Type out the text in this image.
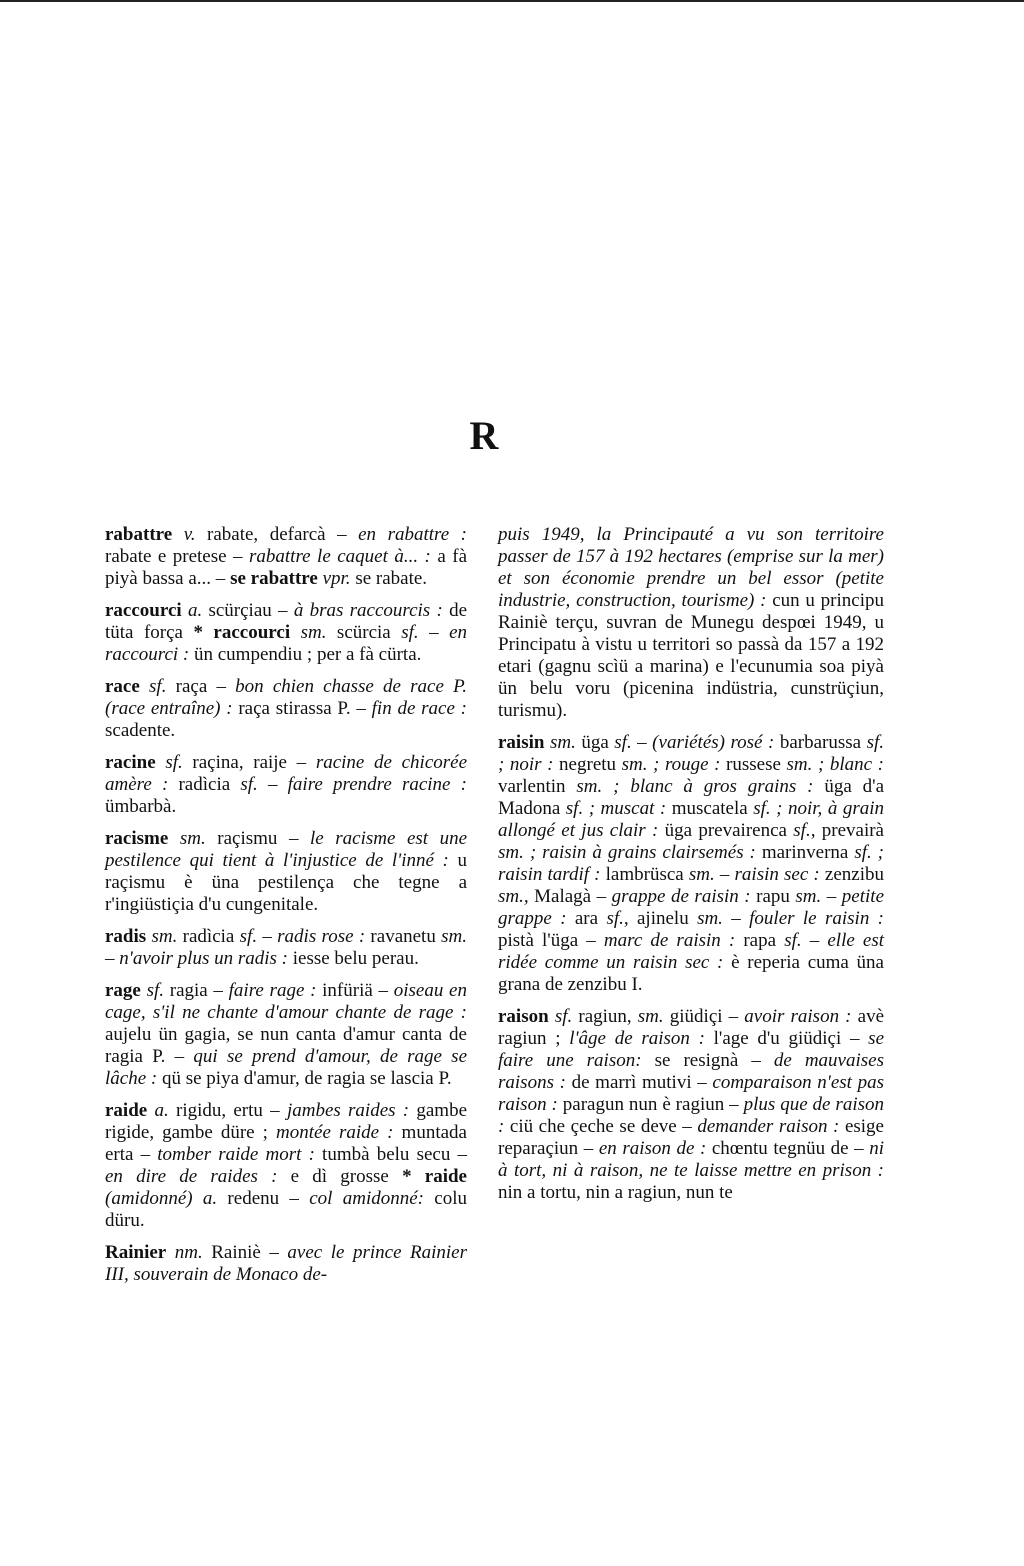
R

rabattre v. rabate, defarcà – en rabattre : rabate e pretese – rabattre le caquet à... : a fà piyà bassa a... – se rabattre vpr. se rabate.

raccourci a. scürçiau – à bras raccourcis : de tüta força * raccourci sm. scürcia sf. – en raccourci : ün cumpendiu ; per a fà cürta.

race sf. raça – bon chien chasse de race P. (race entraîne) : raça stirassa P. – fin de race : scadente.

racine sf. raçina, raije – racine de chicorée amère : radìcia sf. – faire prendre racine : ümbarbà.

racisme sm. raçismu – le racisme est une pestilence qui tient à l'injustice de l'inné : u raçismu è üna pestilença che tegne a r'ingiüstiçia d'u cungenitale.

radis sm. radìcia sf. – radis rose : ravanetu sm. – n'avoir plus un radis : iesse belu perau.

rage sf. ragia – faire rage : infüriä – oiseau en cage, s'il ne chante d'amour chante de rage : aujelu ün gagia, se nun canta d'amur canta de ragia P. – qui se prend d'amour, de rage se lâche : qü se piya d'amur, de ragia se lascia P.

raide a. rigidu, ertu – jambes raides : gambe rigide, gambe düre ; montée raide : muntada erta – tomber raide mort : tumbà belu secu – en dire de raides : e dì grosse * raide (amidonné) a. redenu – col amidonné: colu düru.

Rainier nm. Rainiè – avec le prince Rainier III, souverain de Monaco de-

puis 1949, la Principauté a vu son territoire passer de 157 à 192 hectares (emprise sur la mer) et son économie prendre un bel essor (petite industrie, construction, tourisme) : cun u principu Rainiè terçu, suvran de Munegu despœi 1949, u Principatu à vistu u territori so passà da 157 a 192 etari (gagnu scìü a marina) e l'ecunumia soa piyà ün belu voru (picenina indüstria, cunstrüçiun, turismu).

raisin sm. üga sf. – (variétés) rosé : barbarussa sf. ; noir : negretu sm. ; rouge : russese sm. ; blanc : varlentin sm. ; blanc à gros grains : üga d'a Madona sf. ; muscat : muscatela sf. ; noir, à grain allongé et jus clair : üga prevairenca sf., prevairà sm. ; raisin à grains clairsemés : marinverna sf. ; raisin tardif : lambrüsca sm. – raisin sec : zenzibu sm., Malagà – grappe de raisin : rapu sm. – petite grappe : ara sf., ajinelu sm. – fouler le raisin : pistà l'üga – marc de raisin : rapa sf. – elle est ridée comme un raisin sec : è reperia cuma üna grana de zenzibu I.

raison sf. ragiun, sm. giüdiçi – avoir raison : avè ragiun ; l'âge de raison : l'age d'u giüdiçi – se faire une raison: se resignà – de mauvaises raisons : de marrì mutivi – comparaison n'est pas raison : paragun nun è ragiun – plus que de raison : ciü che çeche se deve – demander raison : esige reparaçiun – en raison de : chœntu tegnüu de – ni à tort, ni à raison, ne te laisse mettre en prison : nin a tortu, nin a ragiun, nun te
